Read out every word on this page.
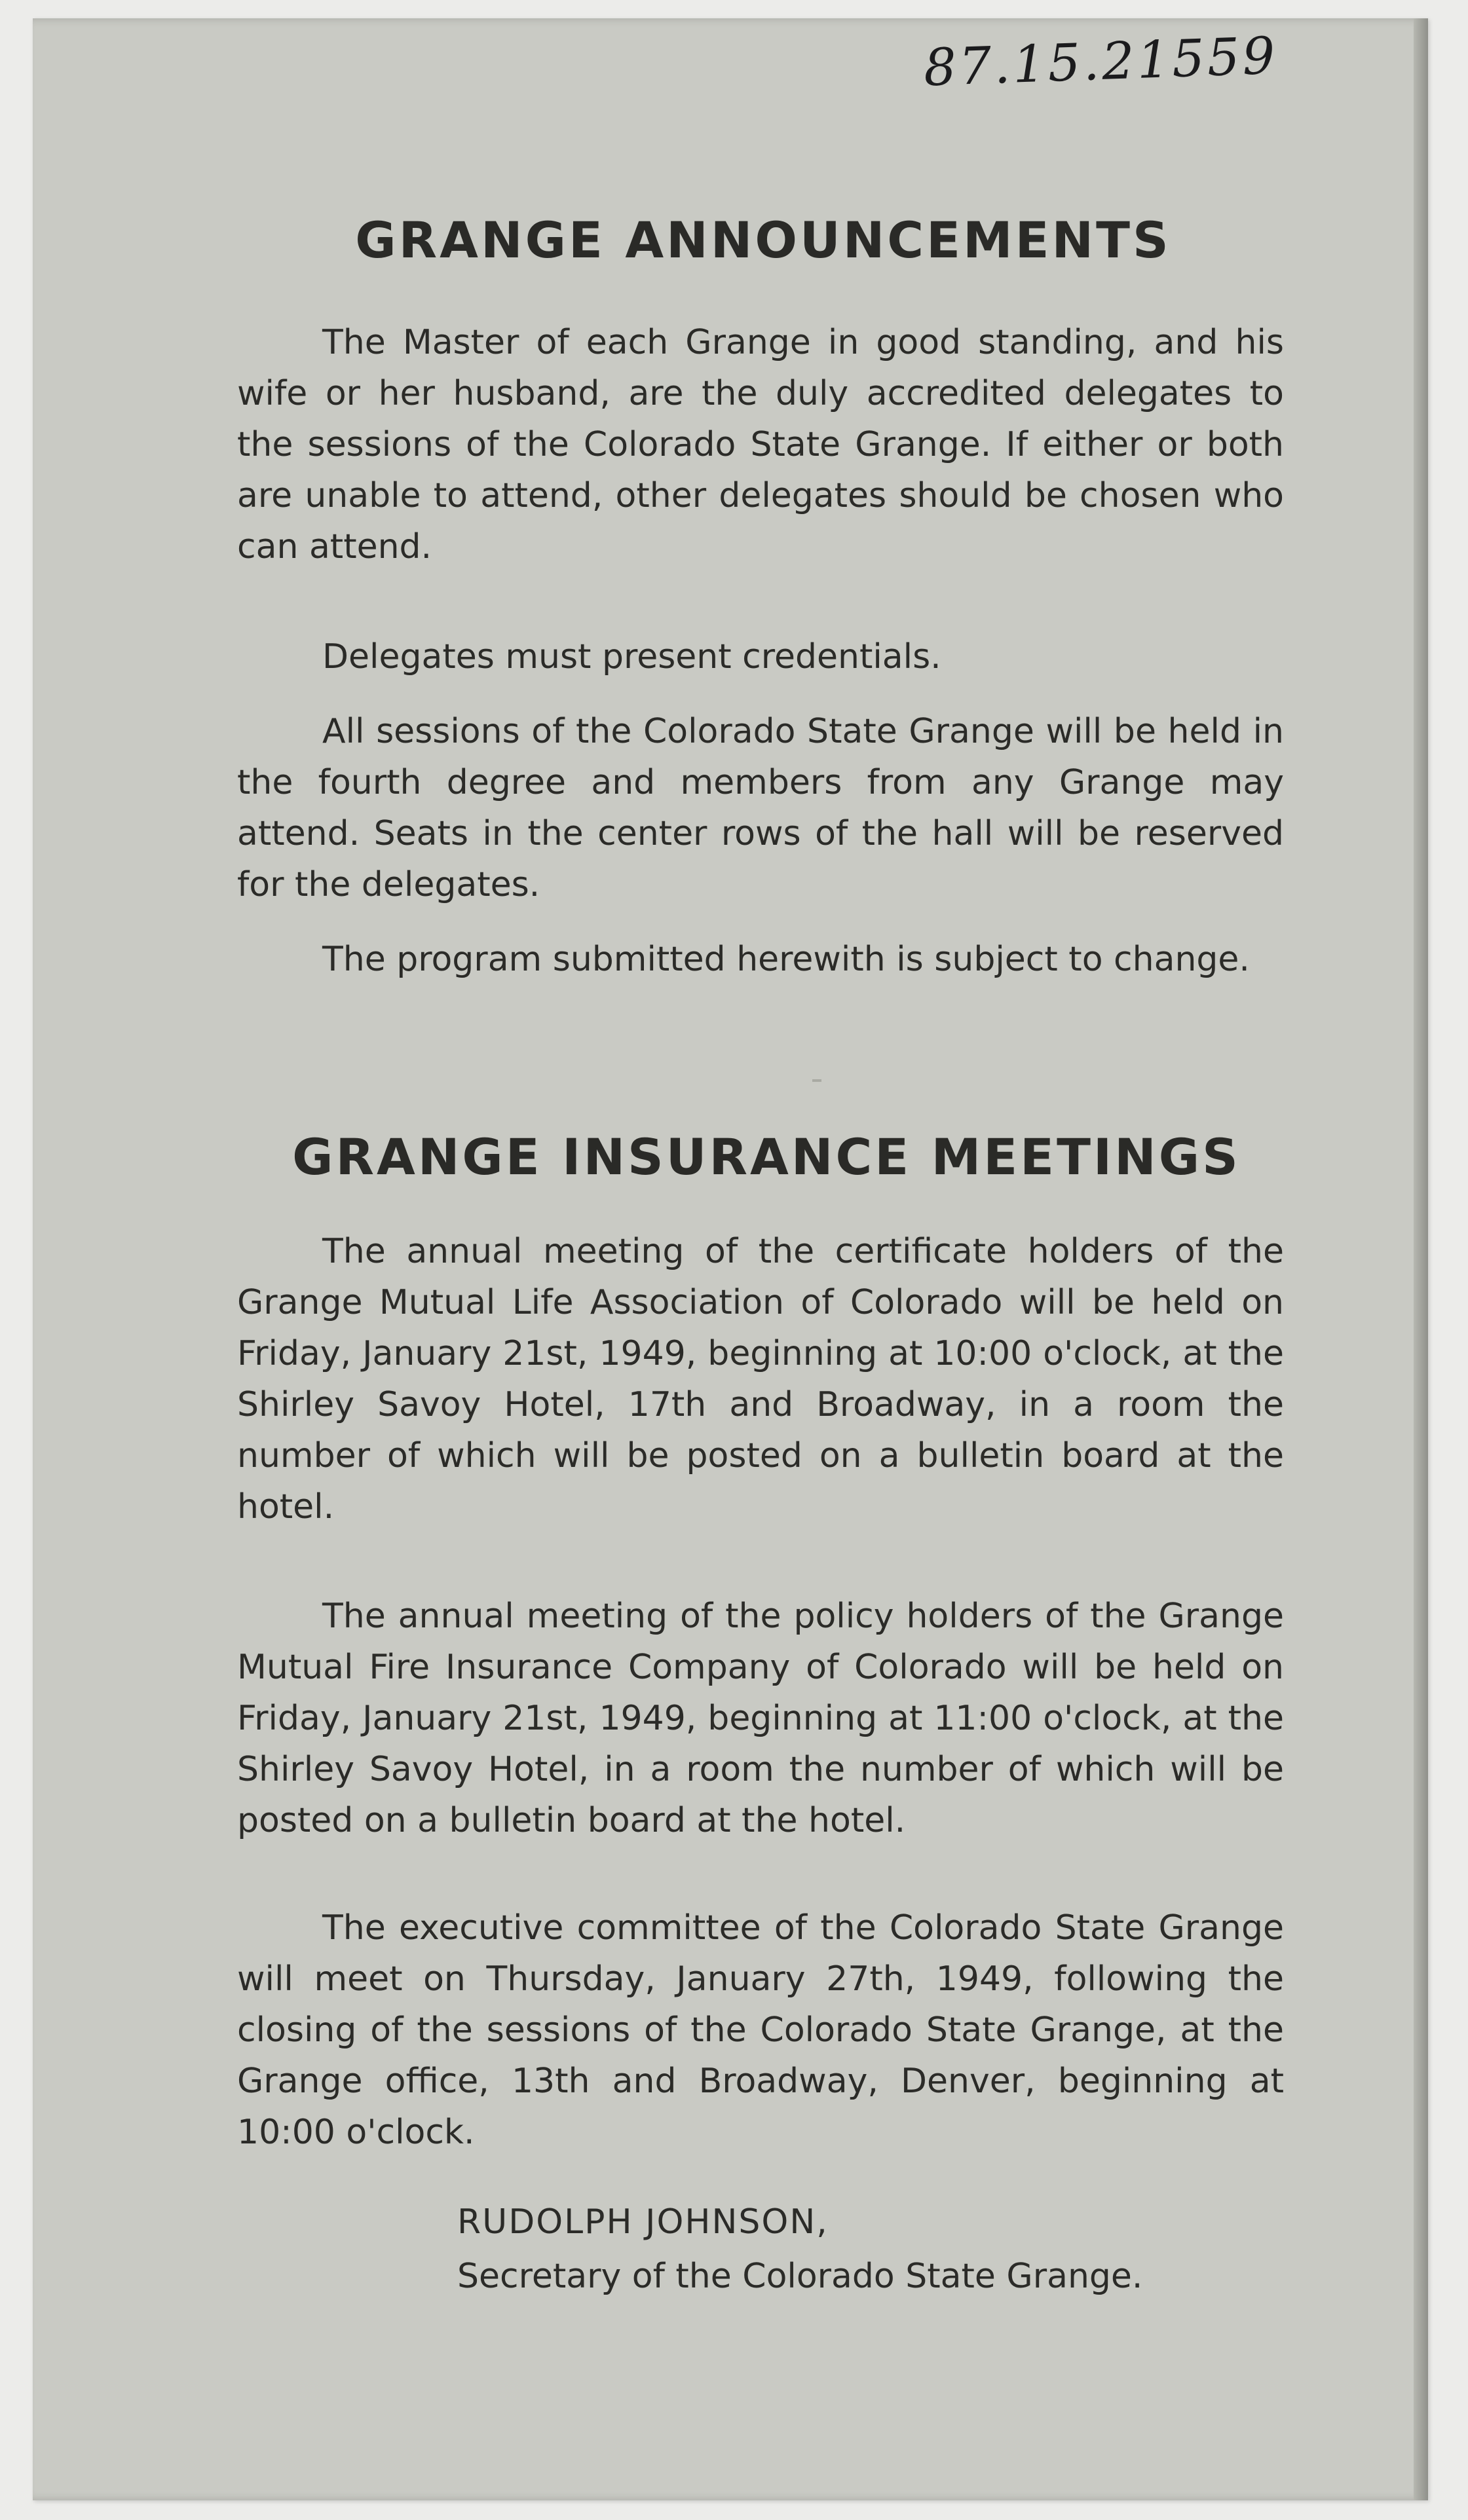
87.15.21559
GRANGE ANNOUNCEMENTS
The Master of each Grange in good standing, and his wife or her husband, are the duly accredited delegates to the sessions of the Colorado State Grange. If either or both are unable to attend, other delegates should be chosen who can attend.
Delegates must present credentials.
All sessions of the Colorado State Grange will be held in the fourth degree and members from any Grange may attend. Seats in the center rows of the hall will be reserved for the delegates.
The program submitted herewith is subject to change.
GRANGE INSURANCE MEETINGS
The annual meeting of the certificate holders of the Grange Mutual Life Association of Colorado will be held on Friday, January 21st, 1949, beginning at 10:00 o'clock, at the Shirley Savoy Hotel, 17th and Broadway, in a room the number of which will be posted on a bulletin board at the hotel.
The annual meeting of the policy holders of the Grange Mutual Fire Insurance Company of Colorado will be held on Friday, January 21st, 1949, beginning at 11:00 o'clock, at the Shirley Savoy Hotel, in a room the number of which will be posted on a bulletin board at the hotel.
The executive committee of the Colorado State Grange will meet on Thursday, January 27th, 1949, following the closing of the sessions of the Colorado State Grange, at the Grange office, 13th and Broadway, Denver, beginning at 10:00 o'clock.
RUDOLPH JOHNSON,
Secretary of the Colorado State Grange.
